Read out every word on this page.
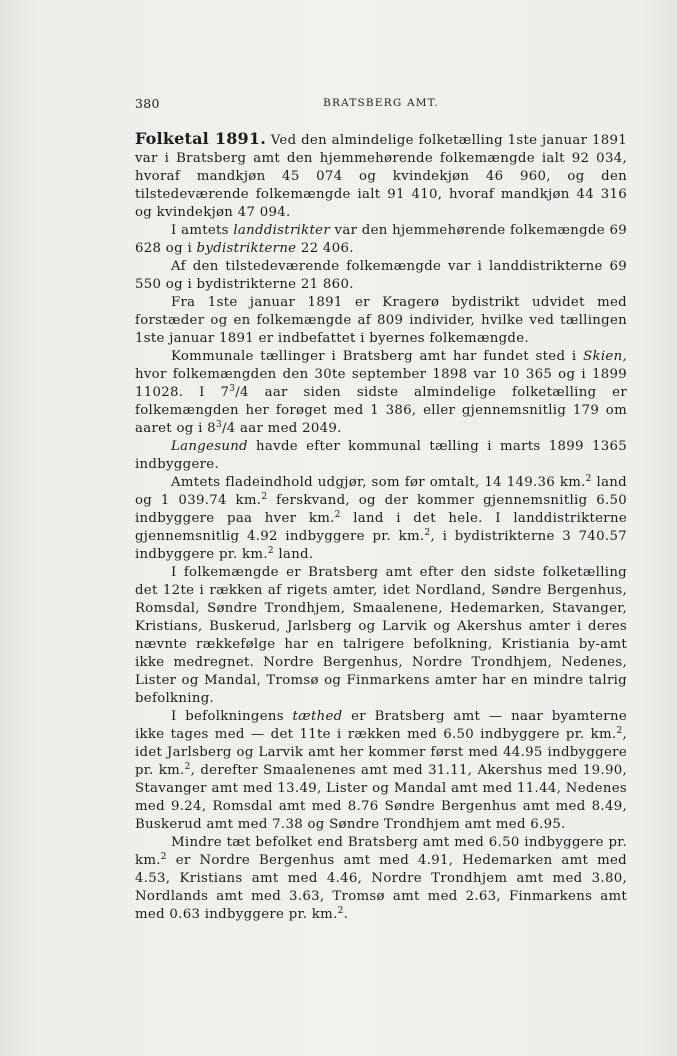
380	BRATSBERG AMT.

Folketal 1891. Ved den almindelige folketælling 1ste januar 1891 var i Bratsberg amt den hjemmehørende folkemængde ialt 92 034, hvoraf mandkjøn 45 074 og kvindekjøn 46 960, og den tilstedeværende folkemængde ialt 91 410, hvoraf mandkjøn 44 316 og kvindekjøn 47 094.

I amtets landdistrikter var den hjemmehørende folkemængde 69 628 og i bydistrikterne 22 406.

Af den tilstedeværende folkemængde var i landdistrikterne 69 550 og i bydistrikterne 21 860.

Fra 1ste januar 1891 er Kragerø bydistrikt udvidet med forstæder og en folkemængde af 809 individer, hvilke ved tællingen 1ste januar 1891 er indbefattet i byernes folkemængde.

Kommunale tællinger i Bratsberg amt har fundet sted i Skien, hvor folkemængden den 30te september 1898 var 10 365 og i 1899 11028. I $7^3/4$ aar siden sidste almindelige folketælling er folkemængden her forøget med 1 386, eller gjennemsnitlig 179 om aaret og i $8^3/4$ aar med 2049.

Langesund havde efter kommunal tælling i marts 1899 1365 indbyggere.

Amtets fladeindhold udgjør, som før omtalt, 14 149.36 km.$^2$ land og 1 039.74 km.$^2$ ferskvand, og der kommer gjennemsnitlig 6.50 indbyggere paa hver km.$^2$ land i det hele. I landdistrikterne gjennemsnitlig 4.92 indbyggere pr. km.$^2$, i bydistrikterne 3 740.57 indbyggere pr. km.$^2$ land.

I folkemængde er Bratsberg amt efter den sidste folketælling det 12te i rækken af rigets amter, idet Nordland, Søndre Bergenhus, Romsdal, Søndre Trondhjem, Smaalenene, Hedemarken, Stavanger, Kristians, Buskerud, Jarlsberg og Larvik og Akershus amter i deres nævnte rækkefølge har en talrigere befolkning, Kristiania by-amt ikke medregnet. Nordre Bergenhus, Nordre Trondhjem, Nedenes, Lister og Mandal, Tromsø og Finmarkens amter har en mindre talrig befolkning.

I befolkningens tæthed er Bratsberg amt — naar byamterne ikke tages med — det 11te i rækken med 6.50 indbyggere pr. km.$^2$, idet Jarlsberg og Larvik amt her kommer først med 44.95 indbyggere pr. km.$^2$, derefter Smaalenenes amt med 31.11, Akershus med 19.90, Stavanger amt med 13.49, Lister og Mandal amt med 11.44, Nedenes med 9.24, Romsdal amt med 8.76 Søndre Bergenhus amt med 8.49, Buskerud amt med 7.38 og Søndre Trondhjem amt med 6.95.

Mindre tæt befolket end Bratsberg amt med 6.50 indbyggere pr. km.$^2$ er Nordre Bergenhus amt med 4.91, Hedemarken amt med 4.53, Kristians amt med 4.46, Nordre Trondhjem amt med 3.80, Nordlands amt med 3.63, Tromsø amt med 2.63, Finmarkens amt med 0.63 indbyggere pr. km.$^2$.
